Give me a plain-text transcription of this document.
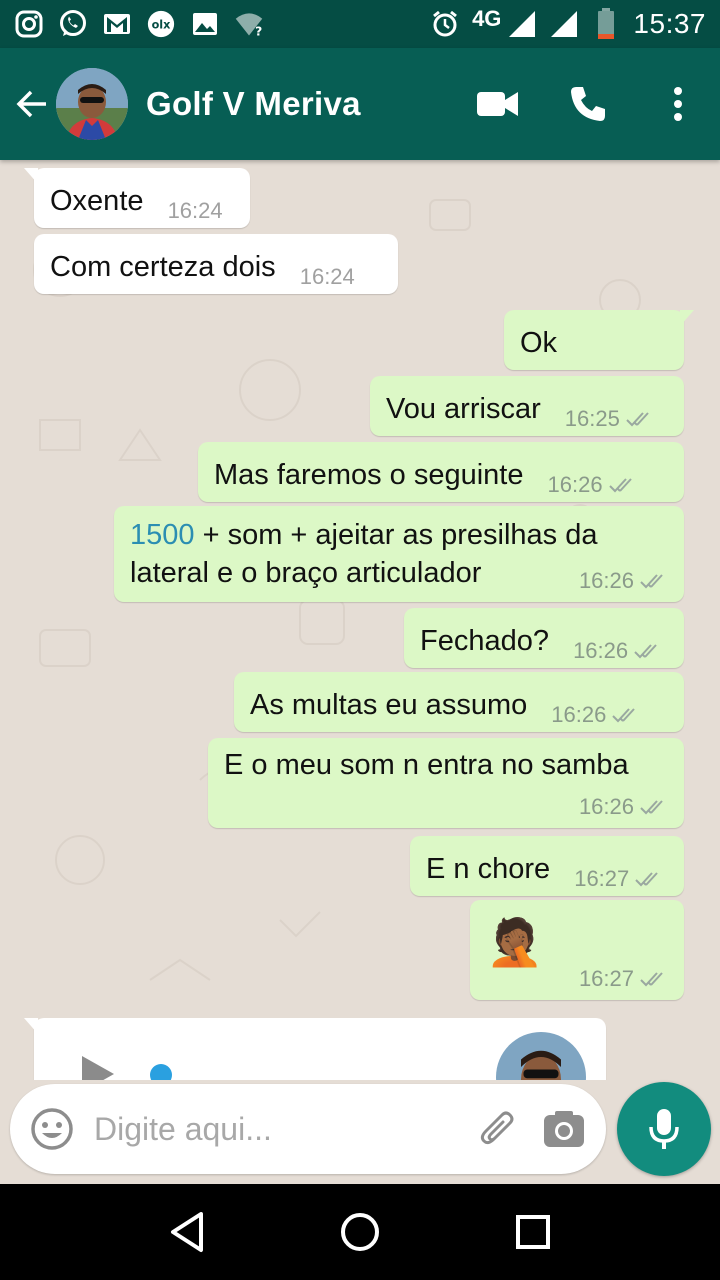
olx	?
4G	15:37
Golf V Meriva
Oxente 16:24
Com certeza dois 16:24
Ok
Vou arriscar 16:25
Mas faremos o seguinte 16:26
1500 + som + ajeitar as presilhas da lateral e o braço articulador	16:26
Fechado? 16:26
As multas eu assumo 16:26
E o meu som n entra no samba
16:26
E n chore 16:27
🤦🏾
16:27
Digite aqui...
